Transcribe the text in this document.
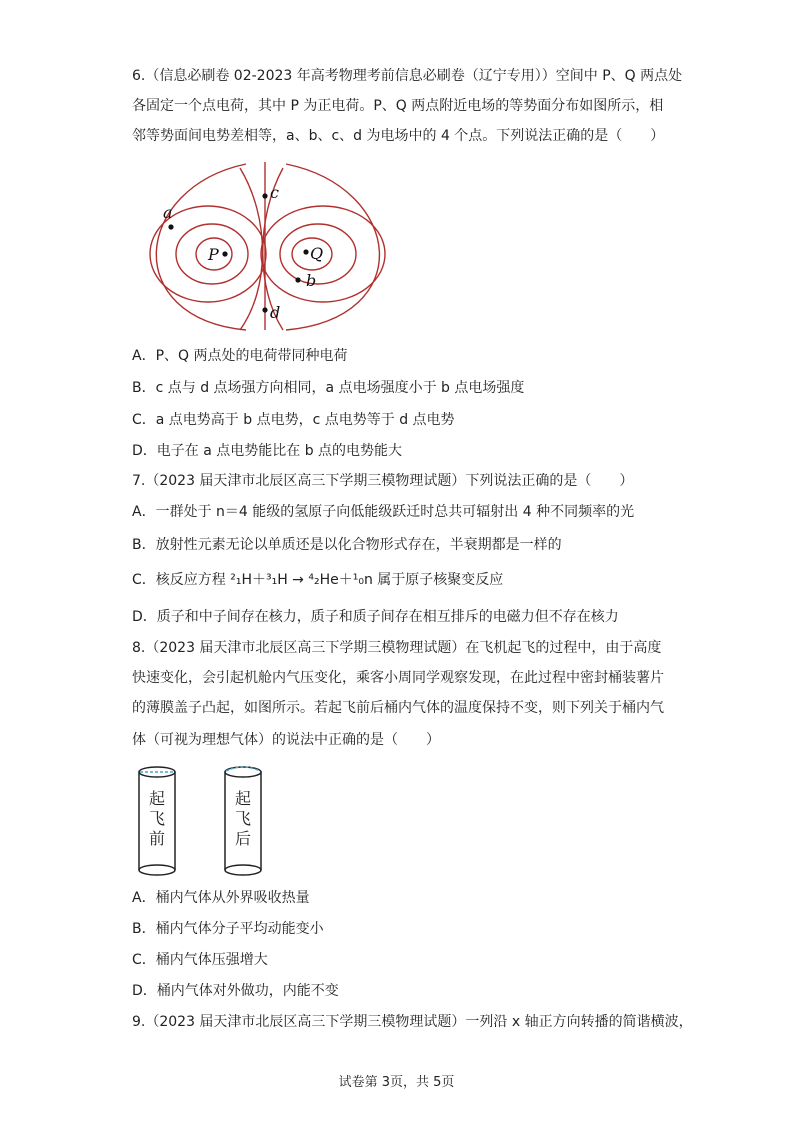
6.（信息必刷卷 02-2023 年高考物理考前信息必刷卷（辽宁专用））空间中 P、Q 两点处
各固定一个点电荷，其中 P 为正电荷。P、Q 两点附近电场的等势面分布如图所示，相
邻等势面间电势差相等，a、b、c、d 为电场中的 4 个点。下列说法正确的是（　　）
a
c
P	Q
b
d
A．P、Q 两点处的电荷带同种电荷
B．c 点与 d 点场强方向相同，a 点电场强度小于 b 点电场强度
C．a 点电势高于 b 点电势，c 点电势等于 d 点电势
D．电子在 a 点电势能比在 b 点的电势能大
7.（2023 届天津市北辰区高三下学期三模物理试题）下列说法正确的是（　　）
A．一群处于 n＝4 能级的氢原子向低能级跃迁时总共可辐射出 4 种不同频率的光
B．放射性元素无论以单质还是以化合物形式存在，半衰期都是一样的
C．核反应方程 ²₁H＋³₁H → ⁴₂He＋¹₀n 属于原子核聚变反应
D．质子和中子间存在核力，质子和质子间存在相互排斥的电磁力但不存在核力
8.（2023 届天津市北辰区高三下学期三模物理试题）在飞机起飞的过程中，由于高度
快速变化，会引起机舱内气压变化，乘客小周同学观察发现，在此过程中密封桶装薯片
的薄膜盖子凸起，如图所示。若起飞前后桶内气体的温度保持不变，则下列关于桶内气
体（可视为理想气体）的说法中正确的是（　　）
起
飞
前
起
飞
后
A．桶内气体从外界吸收热量
B．桶内气体分子平均动能变小
C．桶内气体压强增大
D．桶内气体对外做功，内能不变
9.（2023 届天津市北辰区高三下学期三模物理试题）一列沿 x 轴正方向转播的简谐横波，
试卷第 3页，共 5页
